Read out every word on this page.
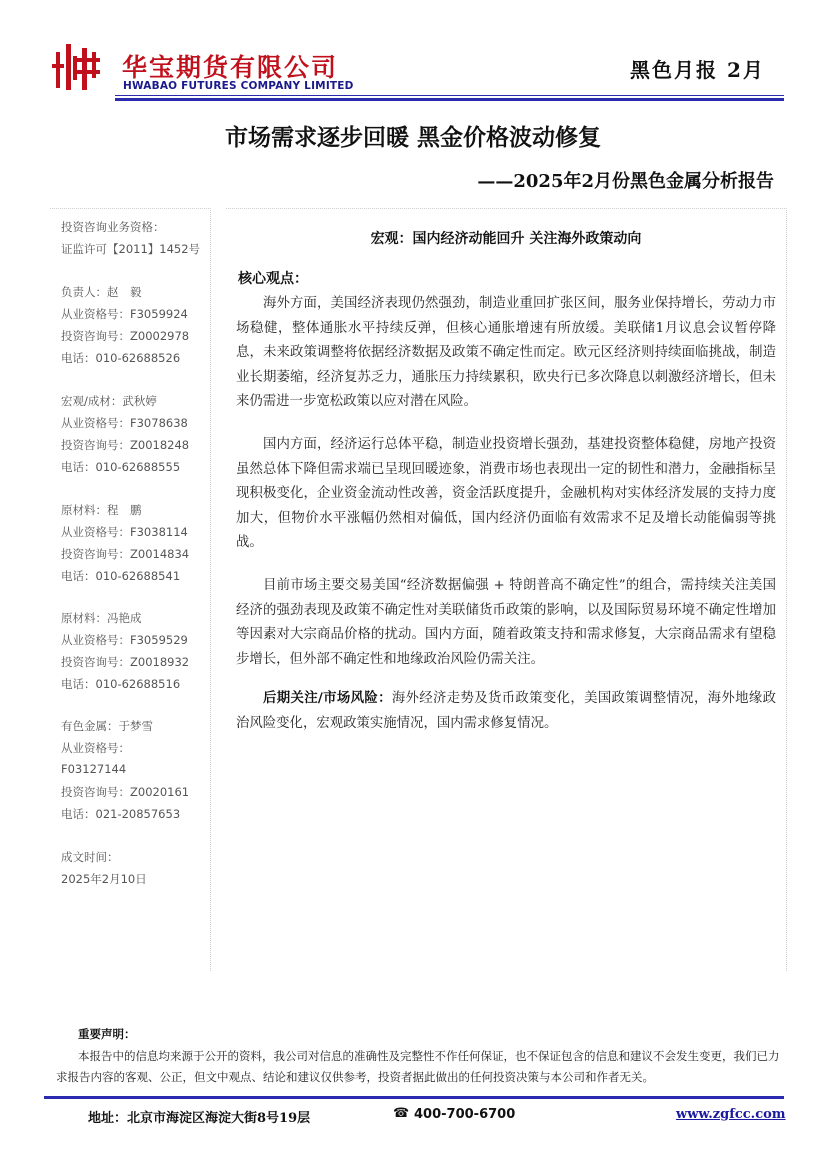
华宝期货有限公司
HWABAO FUTURES COMPANY LIMITED
黑色月报 2月
市场需求逐步回暖 黑金价格波动修复
——2025年2月份黑色金属分析报告
投资咨询业务资格：
证监许可【2011】1452号
负责人：赵　毅
从业资格号：F3059924
投资咨询号：Z0002978
电话：010-62688526
宏观/成材：武秋婷
从业资格号：F3078638
投资咨询号：Z0018248
电话：010-62688555
原材料：程　鹏
从业资格号：F3038114
投资咨询号：Z0014834
电话：010-62688541
原材料：冯艳成
从业资格号：F3059529
投资咨询号：Z0018932
电话：010-62688516
有色金属：于梦雪
从业资格号：
F03127144
投资咨询号：Z0020161
电话：021-20857653
成文时间：
2025年2月10日
宏观：国内经济动能回升 关注海外政策动向
核心观点：

海外方面，美国经济表现仍然强劲，制造业重回扩张区间，服务业保持增长，劳动力市场稳健，整体通胀水平持续反弹，但核心通胀增速有所放缓。美联储1月议息会议暂停降息，未来政策调整将依据经济数据及政策不确定性而定。欧元区经济则持续面临挑战，制造业长期萎缩，经济复苏乏力，通胀压力持续累积，欧央行已多次降息以刺激经济增长，但未来仍需进一步宽松政策以应对潜在风险。

国内方面，经济运行总体平稳，制造业投资增长强劲，基建投资整体稳健，房地产投资虽然总体下降但需求端已呈现回暖迹象，消费市场也表现出一定的韧性和潜力，金融指标呈现积极变化，企业资金流动性改善，资金活跃度提升，金融机构对实体经济发展的支持力度加大，但物价水平涨幅仍然相对偏低，国内经济仍面临有效需求不足及增长动能偏弱等挑战。

目前市场主要交易美国“经济数据偏强 + 特朗普高不确定性”的组合，需持续关注美国经济的强劲表现及政策不确定性对美联储货币政策的影响，以及国际贸易环境不确定性增加等因素对大宗商品价格的扰动。国内方面，随着政策支持和需求修复，大宗商品需求有望稳步增长，但外部不确定性和地缘政治风险仍需关注。

后期关注/市场风险：海外经济走势及货币政策变化，美国政策调整情况，海外地缘政治风险变化，宏观政策实施情况，国内需求修复情况。

重要声明：

本报告中的信息均来源于公开的资料，我公司对信息的准确性及完整性不作任何保证，也不保证包含的信息和建议不会发生变更，我们已力求报告内容的客观、公正，但文中观点、结论和建议仅供参考，投资者据此做出的任何投资决策与本公司和作者无关。

地址：北京市海淀区海淀大街8号19层	☎ 400-700-6700	www.zgfcc.com
